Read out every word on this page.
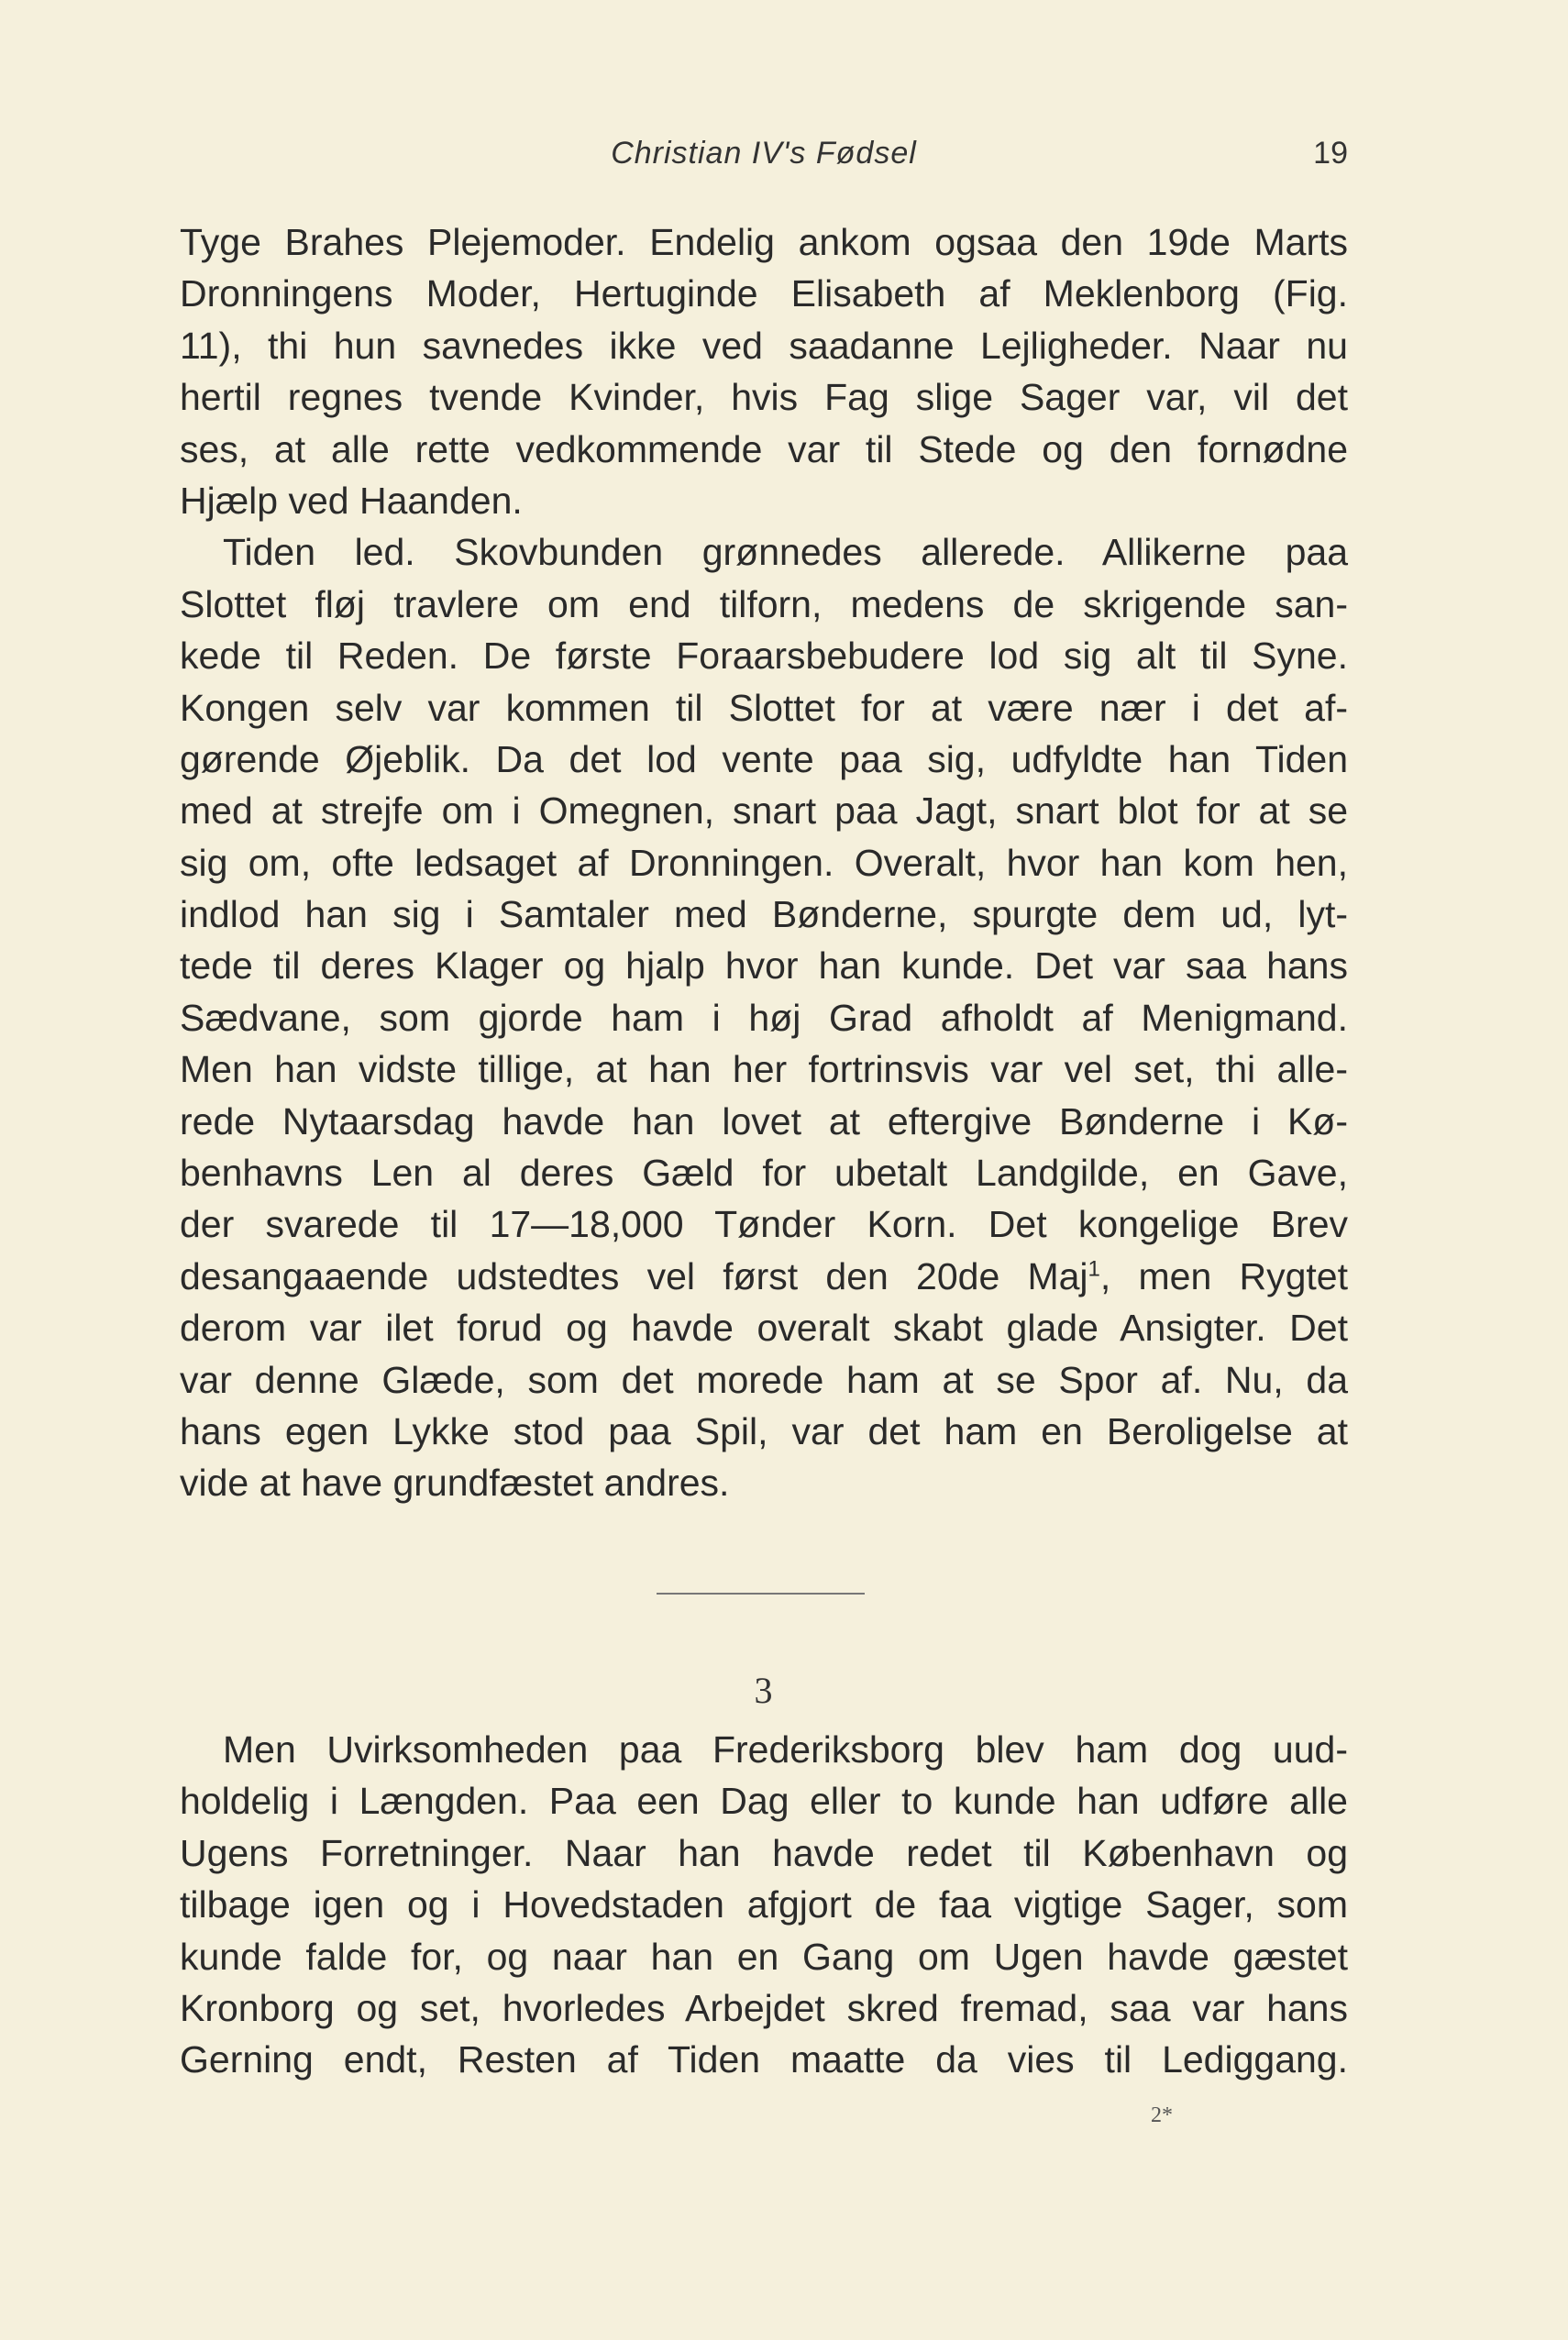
Christian IV's Fødsel	19
Tyge Brahes Plejemoder. Endelig ankom ogsaa den 19de Marts
Dronningens Moder, Hertuginde Elisabeth af Meklenborg (Fig.
11), thi hun savnedes ikke ved saadanne Lejligheder. Naar nu
hertil regnes tvende Kvinder, hvis Fag slige Sager var, vil det
ses, at alle rette vedkommende var til Stede og den fornødne
Hjælp ved Haanden.
Tiden led. Skovbunden grønnedes allerede. Allikerne paa
Slottet fløj travlere om end tilforn, medens de skrigende san-
kede til Reden. De første Foraarsbebudere lod sig alt til Syne.
Kongen selv var kommen til Slottet for at være nær i det af-
gørende Øjeblik. Da det lod vente paa sig, udfyldte han Tiden
med at strejfe om i Omegnen, snart paa Jagt, snart blot for at se
sig om, ofte ledsaget af Dronningen. Overalt, hvor han kom hen,
indlod han sig i Samtaler med Bønderne, spurgte dem ud, lyt-
tede til deres Klager og hjalp hvor han kunde. Det var saa hans
Sædvane, som gjorde ham i høj Grad afholdt af Menigmand.
Men han vidste tillige, at han her fortrinsvis var vel set, thi alle-
rede Nytaarsdag havde han lovet at eftergive Bønderne i Kø-
benhavns Len al deres Gæld for ubetalt Landgilde, en Gave,
der svarede til 17—18,000 Tønder Korn. Det kongelige Brev
desangaaende udstedtes vel først den 20de Maj$^1$, men Rygtet
derom var ilet forud og havde overalt skabt glade Ansigter. Det
var denne Glæde, som det morede ham at se Spor af. Nu, da
hans egen Lykke stod paa Spil, var det ham en Beroligelse at
vide at have grundfæstet andres.
3
Men Uvirksomheden paa Frederiksborg blev ham dog uud-
holdelig i Længden. Paa een Dag eller to kunde han udføre alle
Ugens Forretninger. Naar han havde redet til København og
tilbage igen og i Hovedstaden afgjort de faa vigtige Sager, som
kunde falde for, og naar han en Gang om Ugen havde gæstet
Kronborg og set, hvorledes Arbejdet skred fremad, saa var hans
Gerning endt, Resten af Tiden maatte da vies til Lediggang.
2*
